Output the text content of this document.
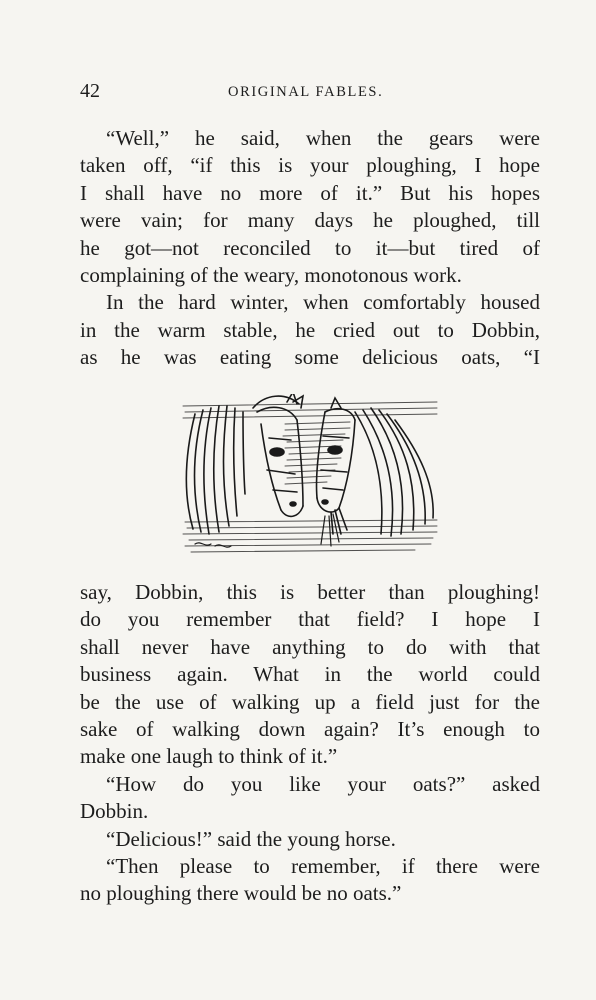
42	ORIGINAL FABLES.
“Well,” he said, when the gears were
taken off, “if this is your ploughing, I hope
I shall have no more of it.” But his hopes
were vain; for many days he ploughed, till
he got—not reconciled to it—but tired of
complaining of the weary, monotonous work.
In the hard winter, when comfortably housed
in the warm stable, he cried out to Dobbin,
as he was eating some delicious oats, “I
say, Dobbin, this is better than ploughing!
do you remember that field? I hope I
shall never have anything to do with that
business again. What in the world could
be the use of walking up a field just for the
sake of walking down again? It’s enough to
make one laugh to think of it.”
“How do you like your oats?” asked
Dobbin.
“Delicious!” said the young horse.
“Then please to remember, if there were
no ploughing there would be no oats.”
